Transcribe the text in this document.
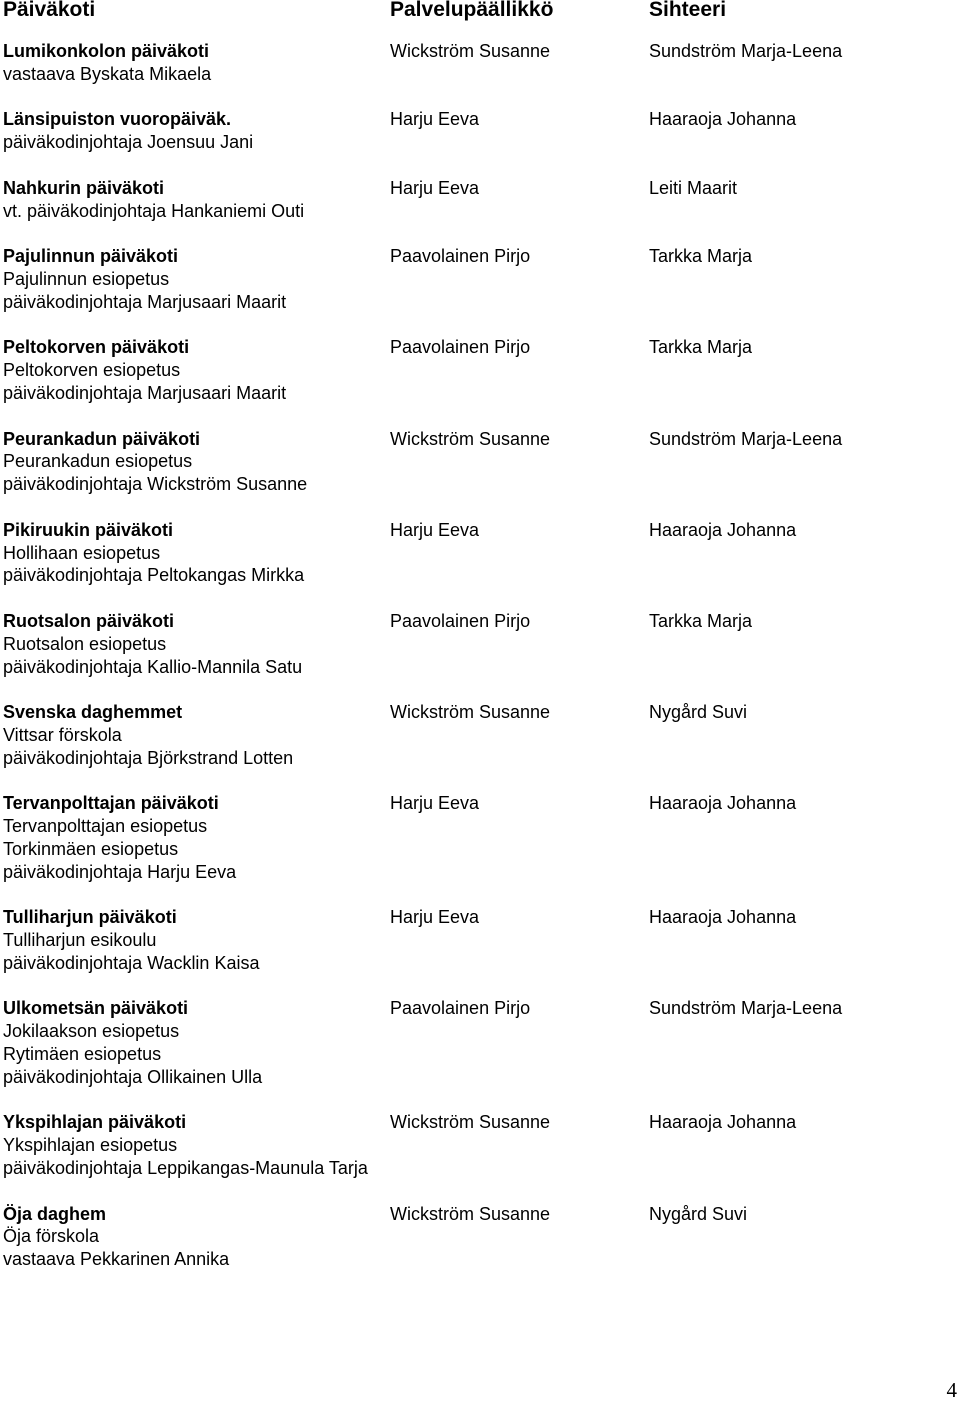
Päiväkoti	Palvelupäällikkö	Sihteeri
Lumikonkolon päiväkoti	Wickström Susanne	Sundström Marja-Leena
vastaava Byskata Mikaela
Länsipuiston vuoropäiväk.	Harju Eeva	Haaraoja Johanna
päiväkodinjohtaja Joensuu Jani
Nahkurin päiväkoti	Harju Eeva	Leiti Maarit
vt. päiväkodinjohtaja Hankaniemi Outi
Pajulinnun päiväkoti	Paavolainen Pirjo	Tarkka Marja
Pajulinnun esiopetus
päiväkodinjohtaja Marjusaari Maarit
Peltokorven päiväkoti	Paavolainen Pirjo	Tarkka Marja
Peltokorven esiopetus
päiväkodinjohtaja Marjusaari Maarit
Peurankadun päiväkoti	Wickström Susanne	Sundström Marja-Leena
Peurankadun esiopetus
päiväkodinjohtaja Wickström Susanne
Pikiruukin päiväkoti	Harju Eeva	Haaraoja Johanna
Hollihaan esiopetus
päiväkodinjohtaja Peltokangas Mirkka
Ruotsalon päiväkoti	Paavolainen Pirjo	Tarkka Marja
Ruotsalon esiopetus
päiväkodinjohtaja Kallio-Mannila Satu
Svenska daghemmet	Wickström Susanne	Nygård Suvi
Vittsar förskola
päiväkodinjohtaja Björkstrand Lotten
Tervanpolttajan päiväkoti	Harju Eeva	Haaraoja Johanna
Tervanpolttajan esiopetus
Torkinmäen esiopetus
päiväkodinjohtaja Harju Eeva
Tulliharjun päiväkoti	Harju Eeva	Haaraoja Johanna
Tulliharjun esikoulu
päiväkodinjohtaja Wacklin Kaisa
Ulkometsän päiväkoti	Paavolainen Pirjo	Sundström Marja-Leena
Jokilaakson esiopetus
Rytimäen esiopetus
päiväkodinjohtaja Ollikainen Ulla
Ykspihlajan päiväkoti	Wickström Susanne	Haaraoja Johanna
Ykspihlajan esiopetus
päiväkodinjohtaja Leppikangas-Maunula Tarja
Öja daghem	Wickström Susanne	Nygård Suvi
Öja förskola
vastaava Pekkarinen Annika
4
